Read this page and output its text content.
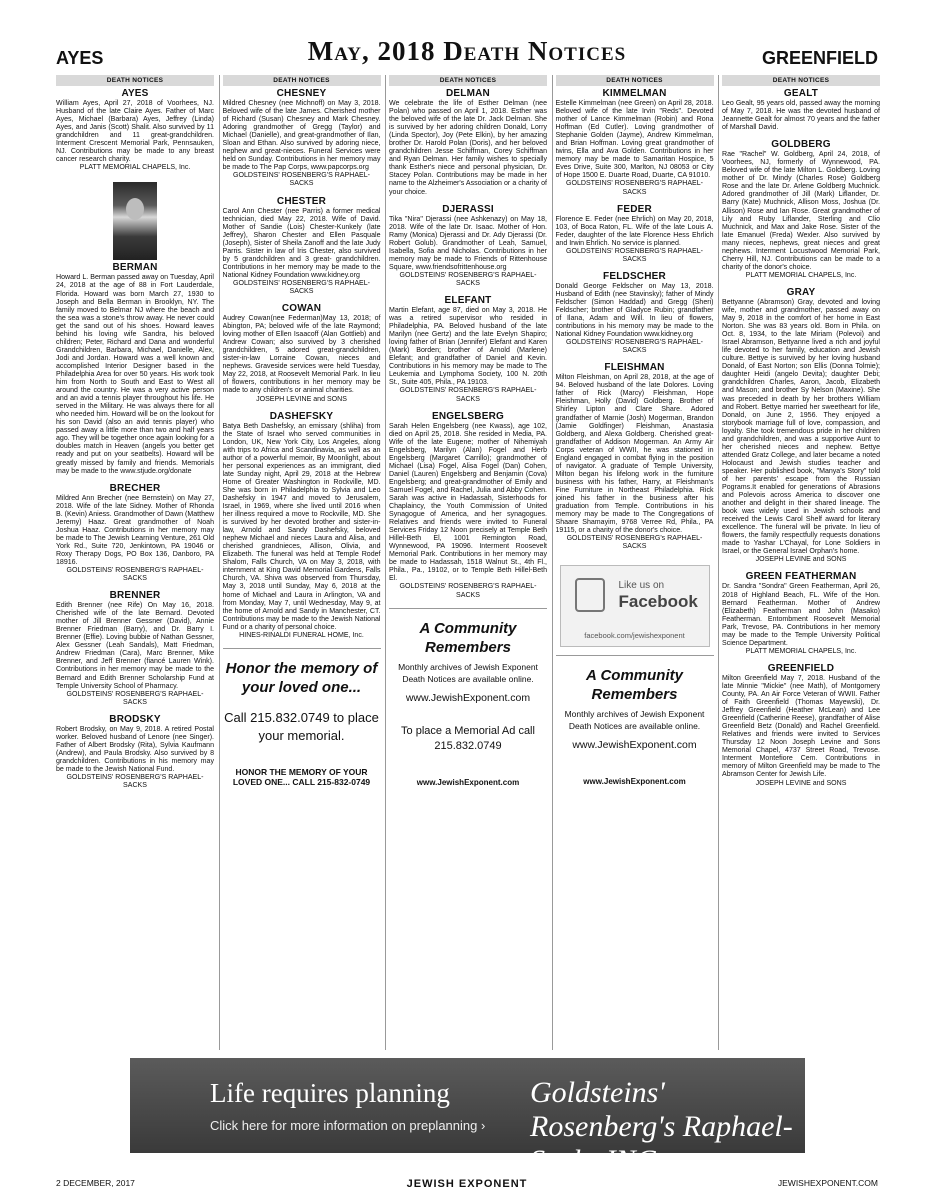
AYES	May, 2018 Death Notices	GREENFIELD
DEATH NOTICES
AYES

William Ayes, April 27, 2018 of Voorhees, NJ. Husband of the late Claire Ayes. Father of Marc Ayes, Michael (Barbara) Ayes, Jeffrey (Linda) Ayes, and Janis (Scott) Shalit. Also survived by 11 grandchildren and 11 great-grandchildren. Interment Crescent Memorial Park, Pennsauken, NJ. Contributions may be made to any breast cancer research charity.

PLATT MEMORIAL CHAPELS, Inc.
BERMAN

Howard L. Berman passed away on Tuesday, April 24, 2018 at the age of 88 in Fort Lauderdale, Florida. Howard was born March 27, 1930 to Joseph and Bella Berman in Brooklyn, NY. The family moved to Belmar NJ where the beach and the sea was a stone's throw away. He never could get the sand out of his shoes. Howard leaves behind his loving wife Sandra, his beloved children; Peter, Richard and Dana and wonderful Grandchildren, Barbara, Michael, Danielle, Alex, Jodi and Jordan. Howard was a well known and accomplished Interior Designer based in the Philadelphia Area for over 50 years. His work took him from North to South and East to West all around the country. He was a very active person and an avid a tennis player throughout his life. He served in the Military. He was always there for all who needed him. Howard will be on the lookout for his son David (also an avid tennis player) who passed away a little more than two and half years ago. They will be together once again looking for a doubles match in Heaven (angels you better get ready and put on your seatbelts). Howard will be greatly missed by family and friends. Memorials may be made to the www.stjude.org/donate

BRECHER

Mildred Ann Brecher (nee Bernstein) on May 27, 2018. Wife of the late Sidney. Mother of Rhonda B. (Kevin) Aniess. Grandmother of Dawn (Matthew Jeremy) Haaz. Great grandmother of Noah Joshua Haaz. Contributions in her memory may be made to The Jewish Learning Venture, 261 Old York Rd., Suite 720, Jenkintown, PA 19046 or Roxy Therapy Dogs, PO Box 136, Danboro, PA 18916.

GOLDSTEINS' ROSENBERG'S RAPHAEL-SACKS
BRENNER

Edith Brenner (nee Rife) On May 16, 2018. Cherished wife of the late Bernard. Devoted mother of Jill Brenner Gessner (David), Annie Brenner Friedman (Barry), and Dr. Barry I. Brenner (Effie). Loving bubbie of Nathan Gessner, Alex Gessner (Leah Sandals), Matt Friedman, Andrew Friedman (Cara), Marc Brenner, Mike Brenner, and Jeff Brenner (fiancé Lauren Wink). Contributions in her memory may be made to the Bernard and Edith Brenner Scholarship Fund at Temple University School of Pharmacy.

GOLDSTEINS' ROSENBERG'S RAPHAEL-SACKS
BRODSKY

Robert Brodsky, on May 9, 2018. A retired Postal worker. Beloved husband of Lenore (nee Singer). Father of Albert Brodsky (Rita), Sylvia Kaufmann (Andrew), and Paula Brodsky. Also survived by 8 grandchildren. Contributions in his memory may be made to the Jewish National Fund.

GOLDSTEINS' ROSENBERG'S RAPHAEL-SACKS
DEATH NOTICES
CHESNEY

Mildred Chesney (nee Michnoff) on May 3, 2018. Beloved wife of the late James. Cherished mother of Richard (Susan) Chesney and Mark Chesney. Adoring grandmother of Gregg (Taylor) and Michael (Danielle), and great-grandmother of Ilan, Sloan and Ethan. Also survived by adoring niece, nephew and great-nieces. Funeral Services were held on Sunday. Contributions in her memory may be made to The Pap Corps, www.papcorps.org

GOLDSTEINS' ROSENBERG'S RAPHAEL-SACKS
CHESTER

Carol Ann Chester (nee Parris) a former medical technician, died May 22, 2018. Wife of David. Mother of Sandie (Lois) Chester-Kunkely (late Jeffrey), Sharon Chester and Ellen Pasquale (Joseph), Sister of Sheila Zanoff and the late Judy Parris. Sister in law of Iris Chester, also survived by 5 grandchildren and 3 great- grandchildren. Contributions in her memory may be made to the National Kidney Foundation www.kidney.org

GOLDSTEINS' ROSENBERG'S RAPHAEL-SACKS
COWAN

Audrey Cowan(nee Federman)May 13, 2018; of Abington, PA; beloved wife of the late Raymond; loving mother of Ellen Isaacoff (Alan Gottlieb) and Andrew Cowan; also survived by 3 cherished grandchildren, 5 adored great-grandchildren, sister-in-law Lorraine Cowan, nieces and nephews. Graveside services were held Tuesday, May 22, 2018, at Roosevelt Memorial Park. In lieu of flowers, contributions in her memory may be made to any children's or animal charities.

JOSEPH LEVINE and SONS
DASHEFSKY

Batya Beth Dashefsky, an emissary (shliha) from the State of Israel who served communities in London, UK, New York City, Los Angeles, along with trips to Africa and Scandinavia, as well as an author of a powerful memoir, By Moonlight, about her personal experiences as an immigrant, died late Sunday night, April 29, 2018 at the Hebrew Home of Greater Washington in Rockville, MD. She was born in Philadelphia to Sylvia and Leo Dashefsky in 1947 and moved to Jerusalem, Israel, in 1969, where she lived until 2016 when her illness required a move to Rockville, MD. She is survived by her devoted brother and sister-in-law, Arnold and Sandy Dashefsky, beloved nephew Michael and nieces Laura and Alisa, and cherished grandnieces, Allison, Olivia, and Elizabeth. The funeral was held at Temple Rodef Shalom, Falls Church, VA on May 3, 2018, with internment at King David Memorial Gardens, Falls Church, VA. Shiva was observed from Thursday, May 3, 2018 until Sunday, May 6, 2018 at the home of Michael and Laura in Arlington, VA and from Monday, May 7, until Wednesday, May 9, at the home of Arnold and Sandy in Manchester, CT. Contributions may be made to the Jewish National Fund or a charity of personal choice.

HINES-RINALDI FUNERAL HOME, Inc.
Honor the memory of your loved one...
Call 215.832.0749 to place your memorial.
HONOR THE MEMORY OF YOUR LOVED ONE... CALL 215-832-0749
DEATH NOTICES
DELMAN

We celebrate the life of Esther Delman (nee Polan) who passed on April 1, 2018. Esther was the beloved wife of the late Dr. Jack Delman. She is survived by her adoring children Donald, Lorry (Linda Spector), Joy (Pete Elkin), by her amazing brother Dr. Harold Polan (Doris), and her beloved grandchildren Jesse Schiffman, Corey Schiffman and Ryan Delman. Her family wishes to specially thank Esther's niece and personal physician, Dr. Stacey Polan. Contributions may be made in her name to the Alzheimer's Association or a charity of your choice.

DJERASSI

Tika "Nira" Djerassi (nee Ashkenazy) on May 18, 2018. Wife of the late Dr. Isaac. Mother of Hon. Ramy (Monica) Djerassi and Dr. Ady Djerassi (Dr. Robert Golub). Grandmother of Leah, Samuel, Isabella, Sofia and Nicholas. Contributions in her memory may be made to Friends of Rittenhouse Square, www.friendsofrittenhouse.org

GOLDSTEINS' ROSENBERG'S RAPHAEL-SACKS
ELEFANT

Martin Elefant, age 87, died on May 3, 2018. He was a retired supervisor who resided in Philadelphia, PA. Beloved husband of the late Marilyn (nee Gertz) and the late Evelyn Shapiro; loving father of Brian (Jennifer) Elefant and Karen (Mark) Borden; brother of Arnold (Marlene) Elefant; and grandfather of Daniel and Kevin. Contributions in his memory may be made to The Leukemia and Lymphoma Society, 100 N. 20th St., Suite 405, Phila., PA 19103.

GOLDSTEINS' ROSENBERG'S RAPHAEL-SACKS
ENGELSBERG

Sarah Helen Engelsberg (nee Kwass), age 102, died on April 25, 2018. She resided in Media, PA. Wife of the late Eugene; mother of Nihemiyah Engelsberg, Marilyn (Alan) Fogel and Herb Engelsberg (Margaret Carrillo); grandmother of Michael (Lisa) Fogel, Alisa Fogel (Dan) Cohen, Daniel (Lauren) Engelsberg and Benjamin (Cova) Engelsberg; and great-grandmother of Emily and Samuel Fogel, and Rachel, Julia and Abby Cohen. Sarah was active in Hadassah, Sisterhoods for Chaplaincy, the Youth Commission of United Synagogue of America, and her synagogues. Relatives and friends were invited to Funeral Services Friday 12 Noon precisely at Temple Beth Hillel-Beth El, 1001 Remington Road, Wynnewood, PA 19096. Interment Roosevelt Memorial Park. Contributions in her memory may be made to Hadassah, 1518 Walnut St., 4th Fl., Phila., Pa., 19102, or to Temple Beth Hillel-Beth El.

GOLDSTEINS' ROSENBERG'S RAPHAEL-SACKS
A Community Remembers
Monthly archives of Jewish Exponent Death Notices are available online.
www.JewishExponent.com
To place a Memorial Ad call 215.832.0749
www.JewishExponent.com
DEATH NOTICES
KIMMELMAN

Estelle Kimmelman (nee Green) on April 28, 2018. Beloved wife of the late Irvin "Reds". Devoted mother of Lance Kimmelman (Robin) and Rona Hoffman (Ed Cutler). Loving grandmother of Stephanie Golden (Jayme), Andrew Kimmelman, and Brian Hoffman. Loving great grandmother of twins, Ella and Ava Golden. Contributions in her memory may be made to Samaritan Hospice, 5 Eves Drive, Suite 300, Marlton, NJ 08053 or City of Hope 1500 E. Duarte Road, Duarte, CA 91010.

GOLDSTEINS' ROSENBERG'S RAPHAEL-SACKS
FEDER

Florence E. Feder (nee Ehrlich) on May 20, 2018, 103, of Boca Raton, FL. Wife of the late Louis A. Feder, daughter of the late Florence Hess Ehrlich and Irwin Ehrlich. No service is planned.

GOLDSTEINS' ROSENBERG'S RAPHAEL-SACKS
FELDSCHER

Donald George Feldscher on May 13, 2018. Husband of Edith (nee Stavinsky); father of Mindy Feldscher (Simon Haddad) and Gregg (Sheri) Feldscher; brother of Gladyce Rubin; grandfather of Ilana, Adam and Will. In lieu of flowers, contributions in his memory may be made to the National Kidney Foundation www.kidney.org

GOLDSTEINS' ROSENBERG'S RAPHAEL-SACKS
FLEISHMAN

Milton Fleishman, on April 28, 2018, at the age of 94. Beloved husband of the late Dolores. Loving father of Rick (Marcy) Fleishman, Hope Fleishman, Holly (David) Goldberg. Brother of Shirley Lipton and Clare Share. Adored grandfather of Marnie (Josh) Mogerman, Brandon (Jamie Goldfinger) Fleishman, Anastasia Goldberg, and Alexa Goldberg. Cherished great-grandfather of Addison Mogerman. An Army Air Corps veteran of WWII, he was stationed in England engaged in combat flying in the position of navigator. A graduate of Temple University, Milton began his lifelong work in the furniture business with his father, Harry, at Fleishman's Fine Furniture in Northeast Philadelphia. Rick joined his father in the business after his graduation from Temple. Contributions in his memory may be made to The Congregations of Shaare Shamayim, 9768 Verree Rd, Phila., PA 19115, or a charity of the donor's choice.

GOLDSTEINS' ROSENBERG's RAPHAEL-SACKS
Like us on
Facebook
facebook.com/jewishexponent
A Community Remembers
Monthly archives of Jewish Exponent Death Notices are available online.
www.JewishExponent.com
www.JewishExponent.com
DEATH NOTICES
GEALT

Leo Gealt, 95 years old, passed away the morning of May 7, 2018. He was the devoted husband of Jeannette Gealt for almost 70 years and the father of Marshall David.

GOLDBERG

Rae "Rachel" W. Goldberg, April 24, 2018, of Voorhees, NJ, formerly of Wynnewood, PA. Beloved wife of the late Milton L. Goldberg. Loving mother of Dr. Mindy (Charles Rose) Goldberg Rose and the late Dr. Arlene Goldberg Muchnick. Adored grandmother of Jill (Mark) Liflander, Dr. Barry (Kate) Muchnick, Allison Moss, Joshua (Dr. Allison) Rose and Ian Rose. Great grandmother of Lily and Ruby Liflander, Sterling and Clio Muchnick, and Max and Jake Rose. Sister of the late Emanuel (Freda) Wexler. Also survived by many nieces, nephews, great nieces and great nephews. Interment Locustwood Memorial Park, Cherry Hill, NJ. Contributions can be made to a charity of the donor's choice.

PLATT MEMORIAL CHAPELS, Inc.
GRAY

Bettyanne (Abramson) Gray, devoted and loving wife, mother and grandmother, passed away on May 9, 2018 in the comfort of her home in East Norton. She was 83 years old. Born in Phila. on Oct. 8, 1934, to the late Miriam (Polevoi) and Israel Abramson, Bettyanne lived a rich and joyful life devoted to her family, education and Jewish culture. Bettye is survived by her loving husband Donald, of East Norton; son Ellis (Donna Tolmie); daughter Heidi (angelo Devita); daughter Debi; grandchildren Charles, Aaron, Jacob, Elizabeth and Mason; and brother Sy Nelson (Maxine). She was preceded in death by her brothers William and Robert. Bettye married her sweetheart for life, Donald, on June 2, 1956. They enjoyed a storybook marriage full of love, compassion, and loyalty. She took tremendous pride in her children and grandchildren, and was a supportive Aunt to her cherished nieces and nephew. Bettye attended Gratz College, and later became a noted Holocaust and Jewish studies teacher and speaker. Her published book, "Manya's Story" told of her parents' escape from the Russian Pograms.It enabled for generations of Abrasions and Polevois across America to discover one another and delight in their shared lineage. The book was widely used in Jewish schools and received the Lewis Carol Shelf award for literary excellence. The funeral will be private. In lieu of flowers, the family respectfully requests donations made to Yashar L'Chayal, for Lone Soldiers in Israel, or the General Israel Orphan's home.

JOSEPH LEVINE and SONS
GREEN FEATHERMAN

Dr. Sandra "Sondra" Green Featherman, April 26, 2018 of Highland Beach, FL. Wife of the Hon. Bernard Featherman. Mother of Andrew (Elizabeth) Featherman and John (Masako) Featherman. Entombment Roosevelt Memorial Park, Trevose, PA. Contributions in her memory may be made to the Temple University Political Science Department.

PLATT MEMORIAL CHAPELS, Inc.
GREENFIELD

Milton Greenfield May 7, 2018. Husband of the late Minnie "Mickie" (nee Math), of Montgomery County, PA. An Air Force Veteran of WWII. Father of Faith Greenfield (Thomas Mayewski), Dr. Jeffrey Greenfield (Heather McLean) and Lee Greenfield (Catherine Reese), grandfather of Alise Greenfield Betz (Donald) and Rachel Greenfield. Relatives and friends were invited to Services Thursday 12 Noon Joseph Levine and Sons Memorial Chapel, 4737 Street Road, Trevose. Interment Montefiore Cem. Contributions in memory of Milton Greenfield may be made to The Abramson Center for Jewish Life.

JOSEPH LEVINE and SONS
Life requires planning
Click here for more information on preplanning ›
Goldsteins' Rosenberg's Raphael-Sacks INC.
2 DECEMBER, 2017	JEWISH EXPONENT	JEWISHEXPONENT.COM
